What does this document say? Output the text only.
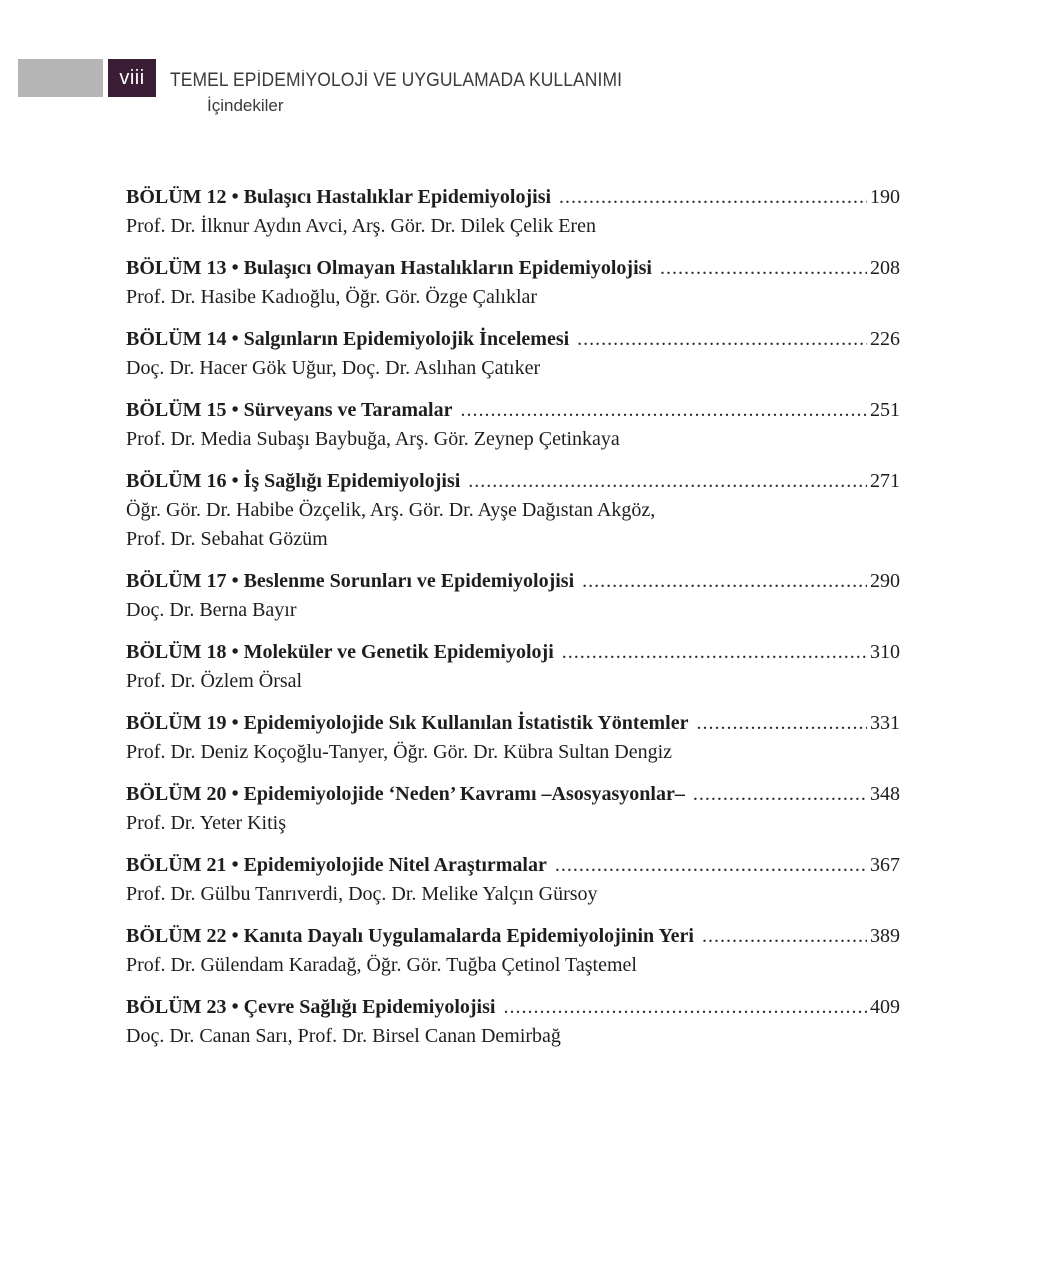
viii	TEMEL EPİDEMİYOLOJİ VE UYGULAMADA KULLANIMI
İçindekiler
BÖLÜM 12 • Bulaşıcı Hastalıklar Epidemiyolojisi .....	190
Prof. Dr. İlknur Aydın Avci, Arş. Gör. Dr. Dilek Çelik Eren
BÖLÜM 13 • Bulaşıcı Olmayan Hastalıkların Epidemiyolojisi .....	208
Prof. Dr. Hasibe Kadıoğlu, Öğr. Gör. Özge Çalıklar
BÖLÜM 14 • Salgınların Epidemiyolojik İncelemesi .....	226
Doç. Dr. Hacer Gök Uğur, Doç. Dr. Aslıhan Çatıker
BÖLÜM 15 • Sürveyans ve Taramalar .....	251
Prof. Dr. Media Subaşı Baybuğa, Arş. Gör. Zeynep Çetinkaya
BÖLÜM 16 • İş Sağlığı Epidemiyolojisi .....	271
Öğr. Gör. Dr. Habibe Özçelik, Arş. Gör. Dr. Ayşe Dağıstan Akgöz,
Prof. Dr. Sebahat Gözüm
BÖLÜM 17 • Beslenme Sorunları ve Epidemiyolojisi .....	290
Doç. Dr. Berna Bayır
BÖLÜM 18 • Moleküler ve Genetik Epidemiyoloji .....	310
Prof. Dr. Özlem Örsal
BÖLÜM 19 • Epidemiyolojide Sık Kullanılan İstatistik Yöntemler .....	331
Prof. Dr. Deniz Koçoğlu-Tanyer, Öğr. Gör. Dr. Kübra Sultan Dengiz
BÖLÜM 20 • Epidemiyolojide ‘Neden’ Kavramı –Asosyasyonlar– .....	348
Prof. Dr. Yeter Kitiş
BÖLÜM 21 • Epidemiyolojide Nitel Araştırmalar .....	367
Prof. Dr. Gülbu Tanrıverdi, Doç. Dr. Melike Yalçın Gürsoy
BÖLÜM 22 • Kanıta Dayalı Uygulamalarda Epidemiyolojinin Yeri .....	389
Prof. Dr. Gülendam Karadağ, Öğr. Gör. Tuğba Çetinol Taştemel
BÖLÜM 23 • Çevre Sağlığı Epidemiyolojisi .....	409
Doç. Dr. Canan Sarı, Prof. Dr. Birsel Canan Demirbağ
